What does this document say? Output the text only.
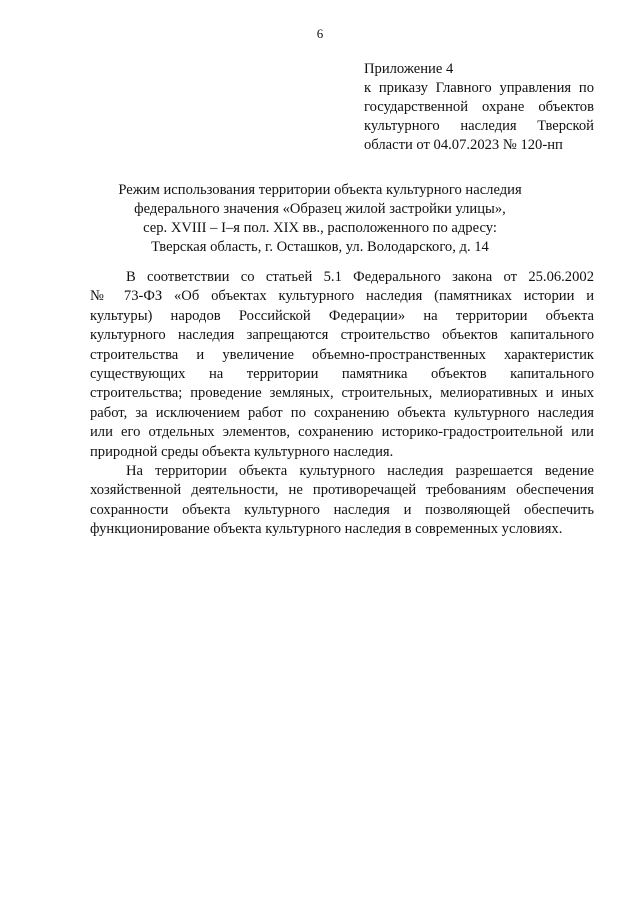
6
Приложение 4
к приказу Главного управления по
государственной охране объектов
культурного наследия Тверской
области от 04.07.2023 № 120-нп
Режим использования территории объекта культурного наследия
федерального значения «Образец жилой застройки улицы»,
сер. XVIII – I–я пол. XIX вв., расположенного по адресу:
Тверская область, г. Осташков, ул. Володарского, д. 14
В соответствии со статьей 5.1 Федерального закона от 25.06.2002
№ 73-ФЗ «Об объектах культурного наследия (памятниках истории и
культуры) народов Российской Федерации» на территории объекта
культурного наследия запрещаются строительство объектов капитального
строительства и увеличение объемно-пространственных характеристик
существующих на территории памятника объектов капитального
строительства; проведение земляных, строительных, мелиоративных и иных
работ, за исключением работ по сохранению объекта культурного наследия
или его отдельных элементов, сохранению историко-градостроительной или
природной среды объекта культурного наследия.
На территории объекта культурного наследия разрешается ведение
хозяйственной деятельности, не противоречащей требованиям обеспечения
сохранности объекта культурного наследия и позволяющей обеспечить
функционирование объекта культурного наследия в современных условиях.
